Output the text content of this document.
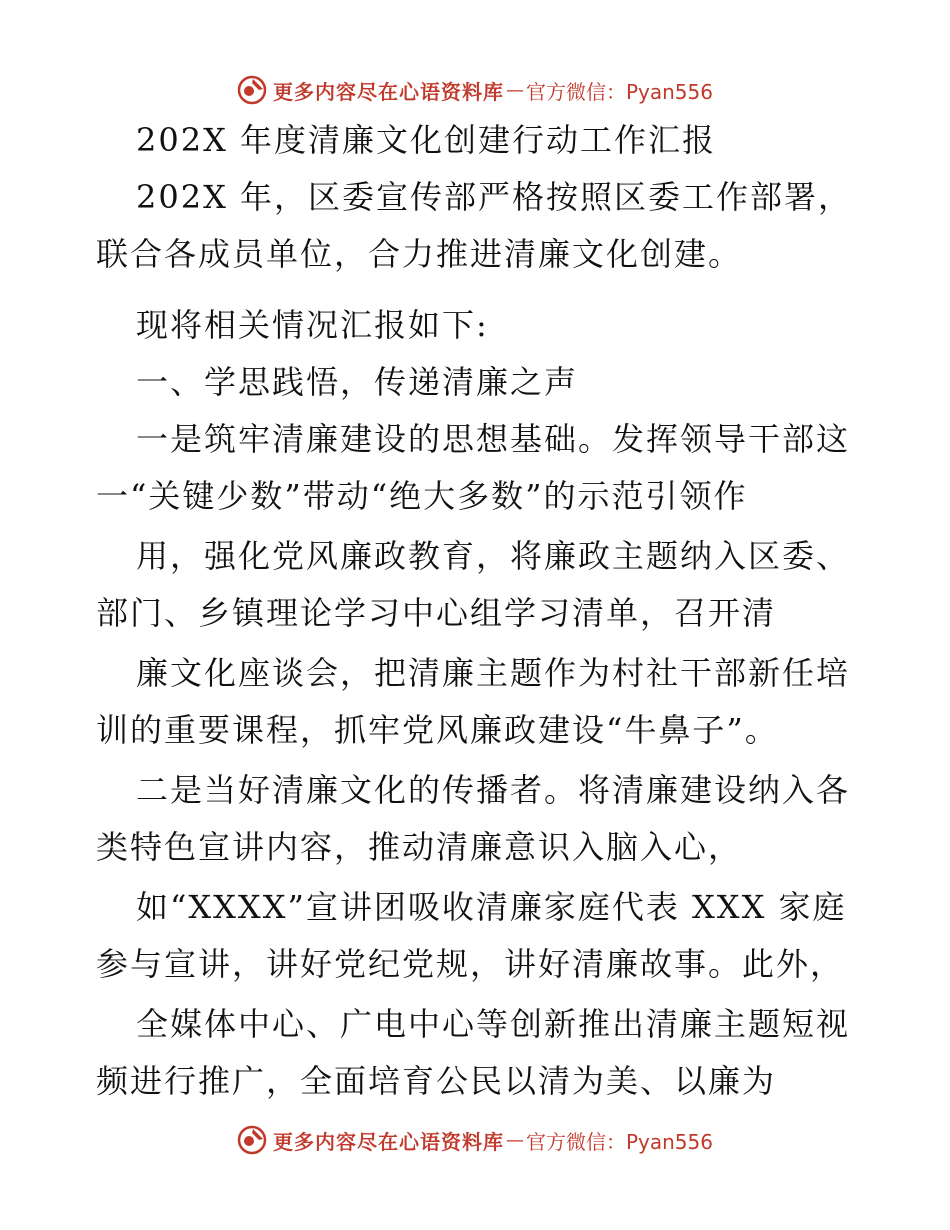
更多内容尽在心语资料库 — 官方微信：Pyan556
202X 年度清廉文化创建行动工作汇报
202X 年，区委宣传部严格按照区委工作部署，
联合各成员单位，合力推进清廉文化创建。
现将相关情况汇报如下:
一、学思践悟，传递清廉之声
一是筑牢清廉建设的思想基础。发挥领导干部这
一“关键少数”带动“绝大多数”的示范引领作
用，强化党风廉政教育，将廉政主题纳入区委、
部门、乡镇理论学习中心组学习清单，召开清
廉文化座谈会，把清廉主题作为村社干部新任培
训的重要课程，抓牢党风廉政建设“牛鼻子”。
二是当好清廉文化的传播者。将清廉建设纳入各
类特色宣讲内容，推动清廉意识入脑入心，
如“XXXX”宣讲团吸收清廉家庭代表 XXX 家庭
参与宣讲，讲好党纪党规，讲好清廉故事。此外，
全媒体中心、广电中心等创新推出清廉主题短视
频进行推广，全面培育公民以清为美、以廉为
更多内容尽在心语资料库 — 官方微信：Pyan556
